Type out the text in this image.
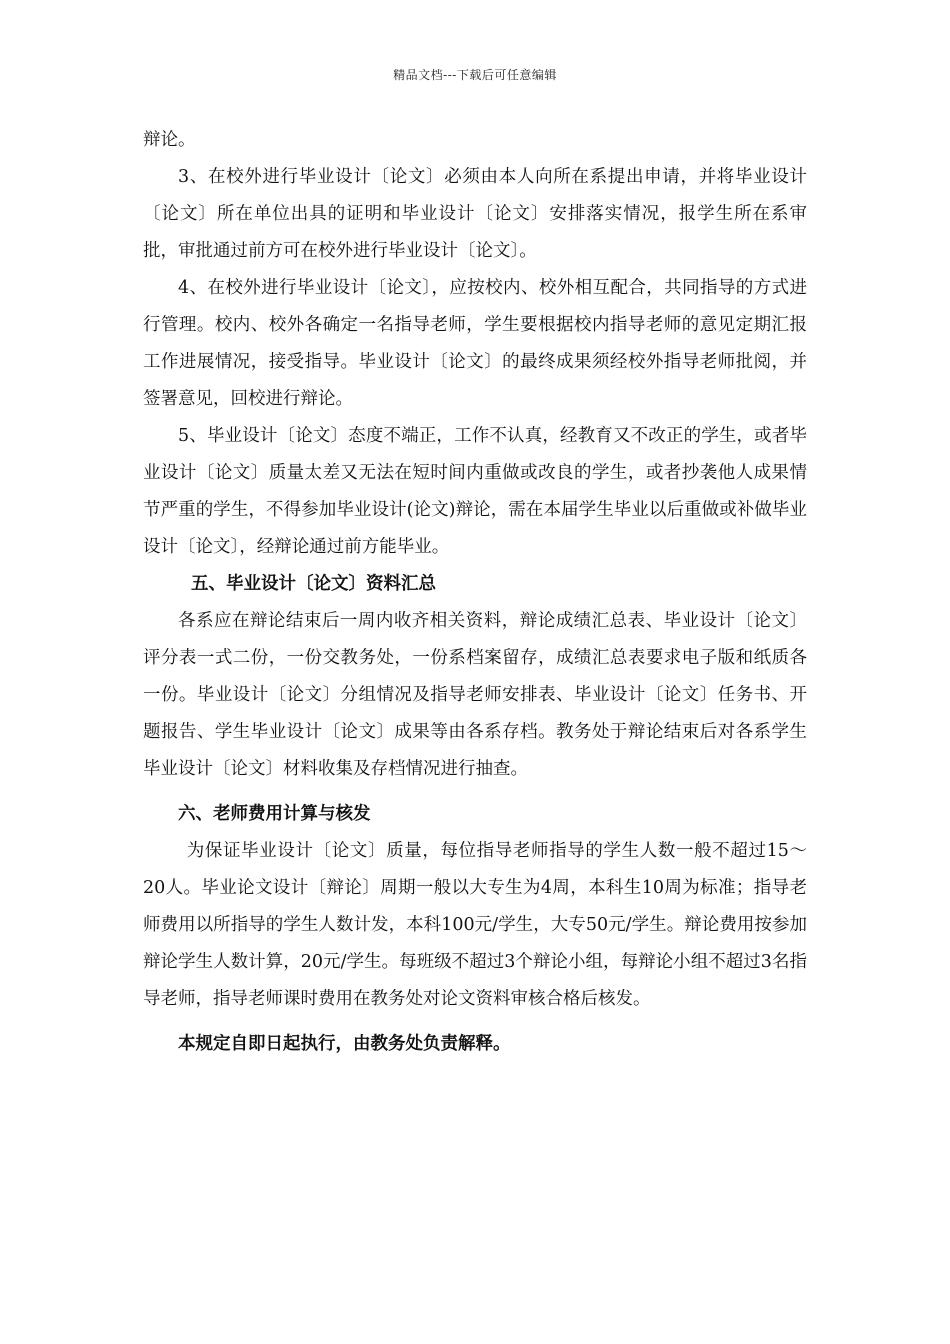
精品文档---下载后可任意编辑

辩论。

3、在校外进行毕业设计〔论文〕必须由本人向所在系提出申请，并将毕业设计〔论文〕所在单位出具的证明和毕业设计〔论文〕安排落实情况，报学生所在系审批，审批通过前方可在校外进行毕业设计〔论文〕。

4、在校外进行毕业设计〔论文〕，应按校内、校外相互配合，共同指导的方式进行管理。校内、校外各确定一名指导老师，学生要根据校内指导老师的意见定期汇报工作进展情况，接受指导。毕业设计〔论文〕的最终成果须经校外指导老师批阅，并签署意见，回校进行辩论。

5、毕业设计〔论文〕态度不端正，工作不认真，经教育又不改正的学生，或者毕业设计〔论文〕质量太差又无法在短时间内重做或改良的学生，或者抄袭他人成果情节严重的学生，不得参加毕业设计(论文)辩论，需在本届学生毕业以后重做或补做毕业设计〔论文〕，经辩论通过前方能毕业。

五、毕业设计〔论文〕资料汇总

各系应在辩论结束后一周内收齐相关资料，辩论成绩汇总表、毕业设计〔论文〕评分表一式二份，一份交教务处，一份系档案留存，成绩汇总表要求电子版和纸质各一份。毕业设计〔论文〕分组情况及指导老师安排表、毕业设计〔论文〕任务书、开题报告、学生毕业设计〔论文〕成果等由各系存档。教务处于辩论结束后对各系学生毕业设计〔论文〕材料收集及存档情况进行抽查。

六、老师费用计算与核发

为保证毕业设计〔论文〕质量，每位指导老师指导的学生人数一般不超过15～20人。毕业论文设计〔辩论〕周期一般以大专生为4周，本科生10周为标准；指导老师费用以所指导的学生人数计发，本科100元/学生，大专50元/学生。辩论费用按参加辩论学生人数计算，20元/学生。每班级不超过3个辩论小组，每辩论小组不超过3名指导老师，指导老师课时费用在教务处对论文资料审核合格后核发。

本规定自即日起执行，由教务处负责解释。
